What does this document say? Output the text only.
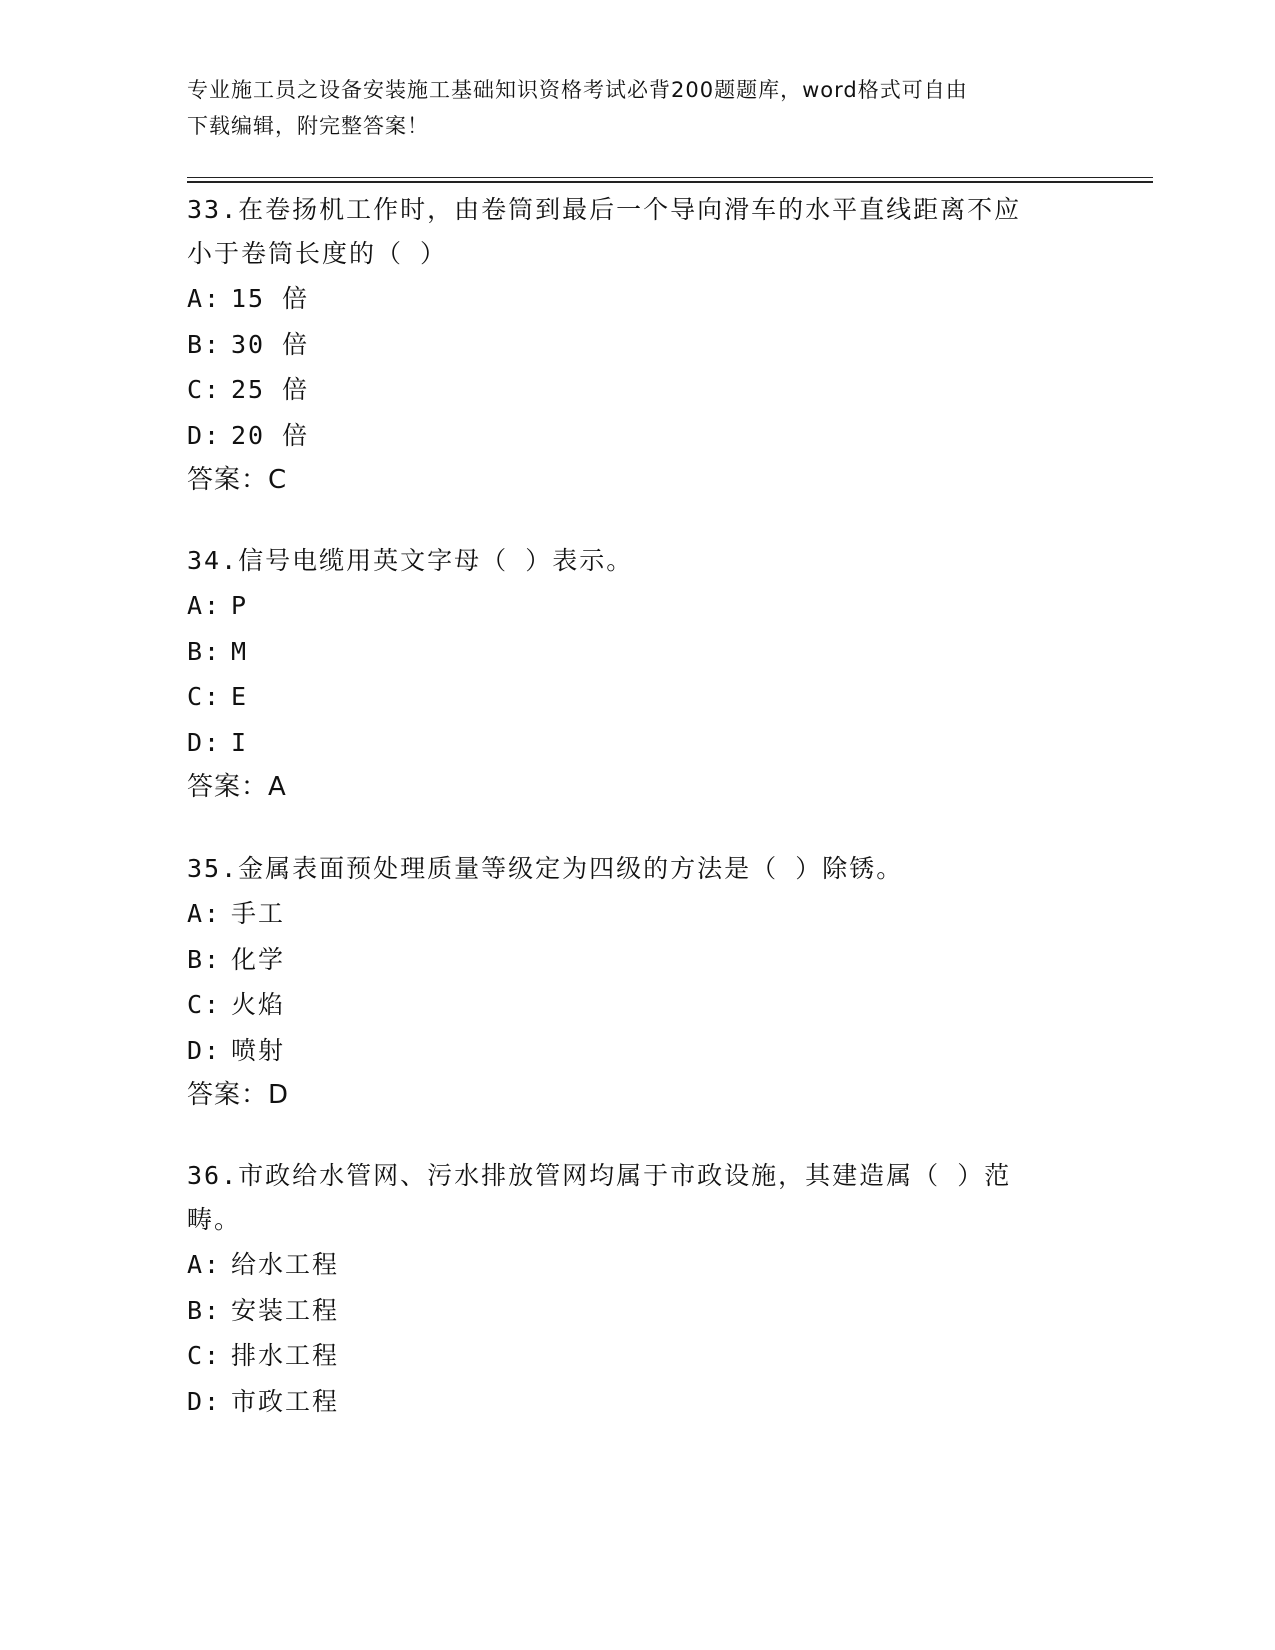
专业施工员之设备安装施工基础知识资格考试必背200题题库，word格式可自由
下载编辑，附完整答案！
33.在卷扬机工作时，由卷筒到最后一个导向滑车的水平直线距离不应
小于卷筒长度的（ ）
A: 15 倍
B: 30 倍
C: 25 倍
D: 20 倍
答案：C
34.信号电缆用英文字母（ ）表示。
A: P
B: M
C: E
D: I
答案：A
35.金属表面预处理质量等级定为四级的方法是（ ）除锈。
A: 手工
B: 化学
C: 火焰
D: 喷射
答案：D
36.市政给水管网、污水排放管网均属于市政设施，其建造属（ ）范
畴。
A: 给水工程
B: 安装工程
C: 排水工程
D: 市政工程
